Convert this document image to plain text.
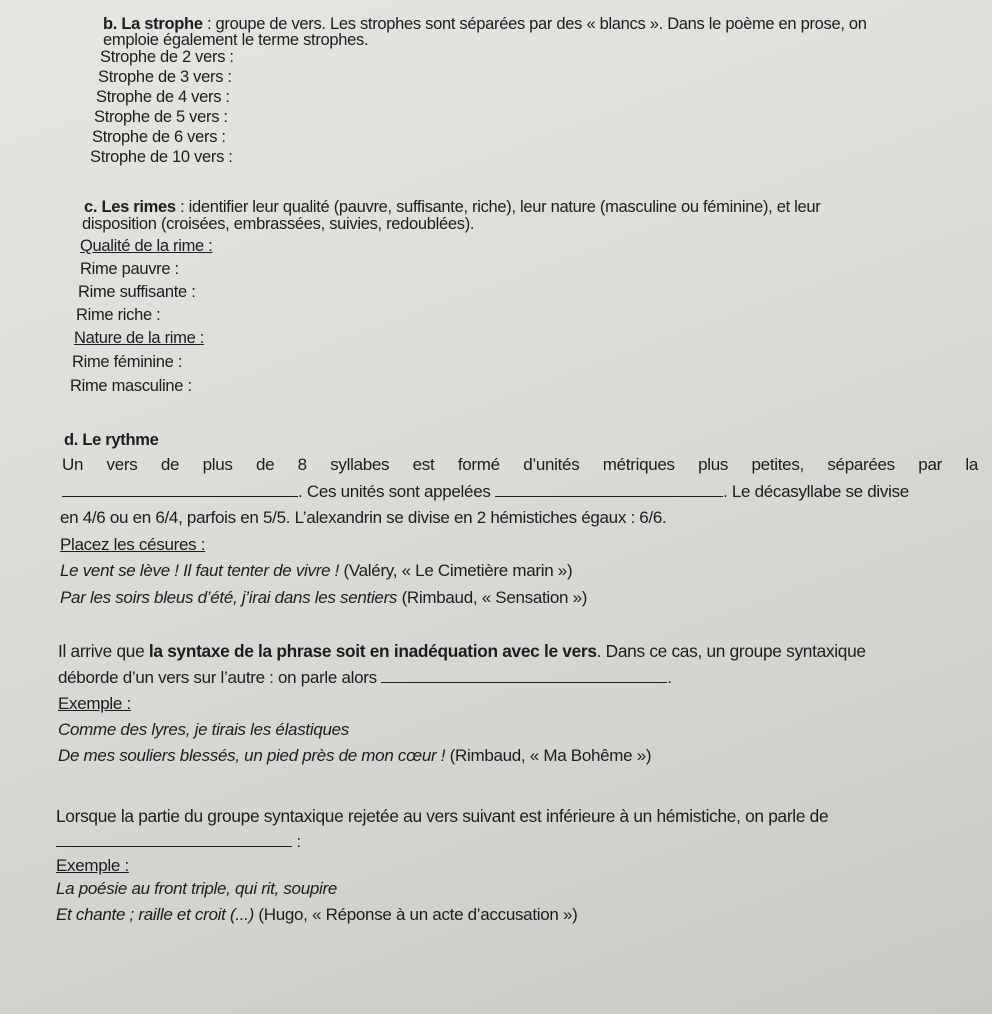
b. La strophe : groupe de vers. Les strophes sont séparées par des « blancs ». Dans le poème en prose, on
emploie également le terme strophes.
Strophe de 2 vers :
Strophe de 3 vers :
Strophe de 4 vers :
Strophe de 5 vers :
Strophe de 6 vers :
Strophe de 10 vers :
c. Les rimes : identifier leur qualité (pauvre, suffisante, riche), leur nature (masculine ou féminine), et leur
disposition (croisées, embrassées, suivies, redoublées).
Qualité de la rime :
Rime pauvre :
Rime suffisante :
Rime riche :
Nature de la rime :
Rime féminine :
Rime masculine :
d. Le rythme
Un vers de plus de 8 syllabes est formé d’unités métriques plus petites, séparées par la
. Ces unités sont appelées	. Le décasyllabe se divise
en 4/6 ou en 6/4, parfois en 5/5. L’alexandrin se divise en 2 hémistiches égaux : 6/6.
Placez les césures :
Le vent se lève ! Il faut tenter de vivre ! (Valéry, « Le Cimetière marin »)
Par les soirs bleus d’été, j’irai dans les sentiers (Rimbaud, « Sensation »)
Il arrive que la syntaxe de la phrase soit en inadéquation avec le vers. Dans ce cas, un groupe syntaxique
déborde d’un vers sur l’autre : on parle alors	.
Exemple :
Comme des lyres, je tirais les élastiques
De mes souliers blessés, un pied près de mon cœur ! (Rimbaud, « Ma Bohême »)
Lorsque la partie du groupe syntaxique rejetée au vers suivant est inférieure à un hémistiche, on parle de
:
Exemple :
La poésie au front triple, qui rit, soupire
Et chante ; raille et croit (...) (Hugo, « Réponse à un acte d’accusation »)
